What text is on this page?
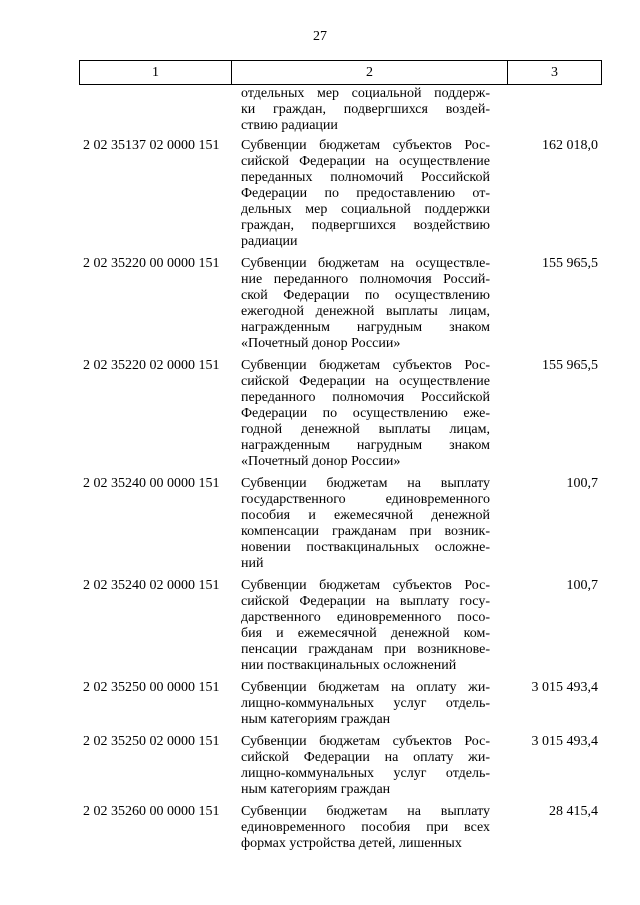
27
1	2	3
отдельных мер социальной поддерж-
ки граждан, подвергшихся воздей-
ствию радиации
2 02 35137 02 0000 151	Субвенции бюджетам субъектов Рос-
сийской Федерации на осуществление
переданных полномочий Российской
Федерации по предоставлению от-
дельных мер социальной поддержки
граждан, подвергшихся воздействию
радиации
162 018,0
2 02 35220 00 0000 151	Субвенции бюджетам на осуществле-
ние переданного полномочия Россий-
ской Федерации по осуществлению
ежегодной денежной выплаты лицам,
награжденным нагрудным знаком
«Почетный донор России»
155 965,5
2 02 35220 02 0000 151	Субвенции бюджетам субъектов Рос-
сийской Федерации на осуществление
переданного полномочия Российской
Федерации по осуществлению еже-
годной денежной выплаты лицам,
награжденным нагрудным знаком
«Почетный донор России»
155 965,5
2 02 35240 00 0000 151	Субвенции бюджетам на выплату
государственного единовременного
пособия и ежемесячной денежной
компенсации гражданам при возник-
новении поствакцинальных осложне-
ний
100,7
2 02 35240 02 0000 151	Субвенции бюджетам субъектов Рос-
сийской Федерации на выплату госу-
дарственного единовременного посо-
бия и ежемесячной денежной ком-
пенсации гражданам при возникнове-
нии поствакцинальных осложнений
100,7
2 02 35250 00 0000 151	Субвенции бюджетам на оплату жи-
лищно-коммунальных услуг отдель-
ным категориям граждан
3 015 493,4
2 02 35250 02 0000 151	Субвенции бюджетам субъектов Рос-
сийской Федерации на оплату жи-
лищно-коммунальных услуг отдель-
ным категориям граждан
3 015 493,4
2 02 35260 00 0000 151	Субвенции бюджетам на выплату
единовременного пособия при всех
формах устройства детей, лишенных
28 415,4
